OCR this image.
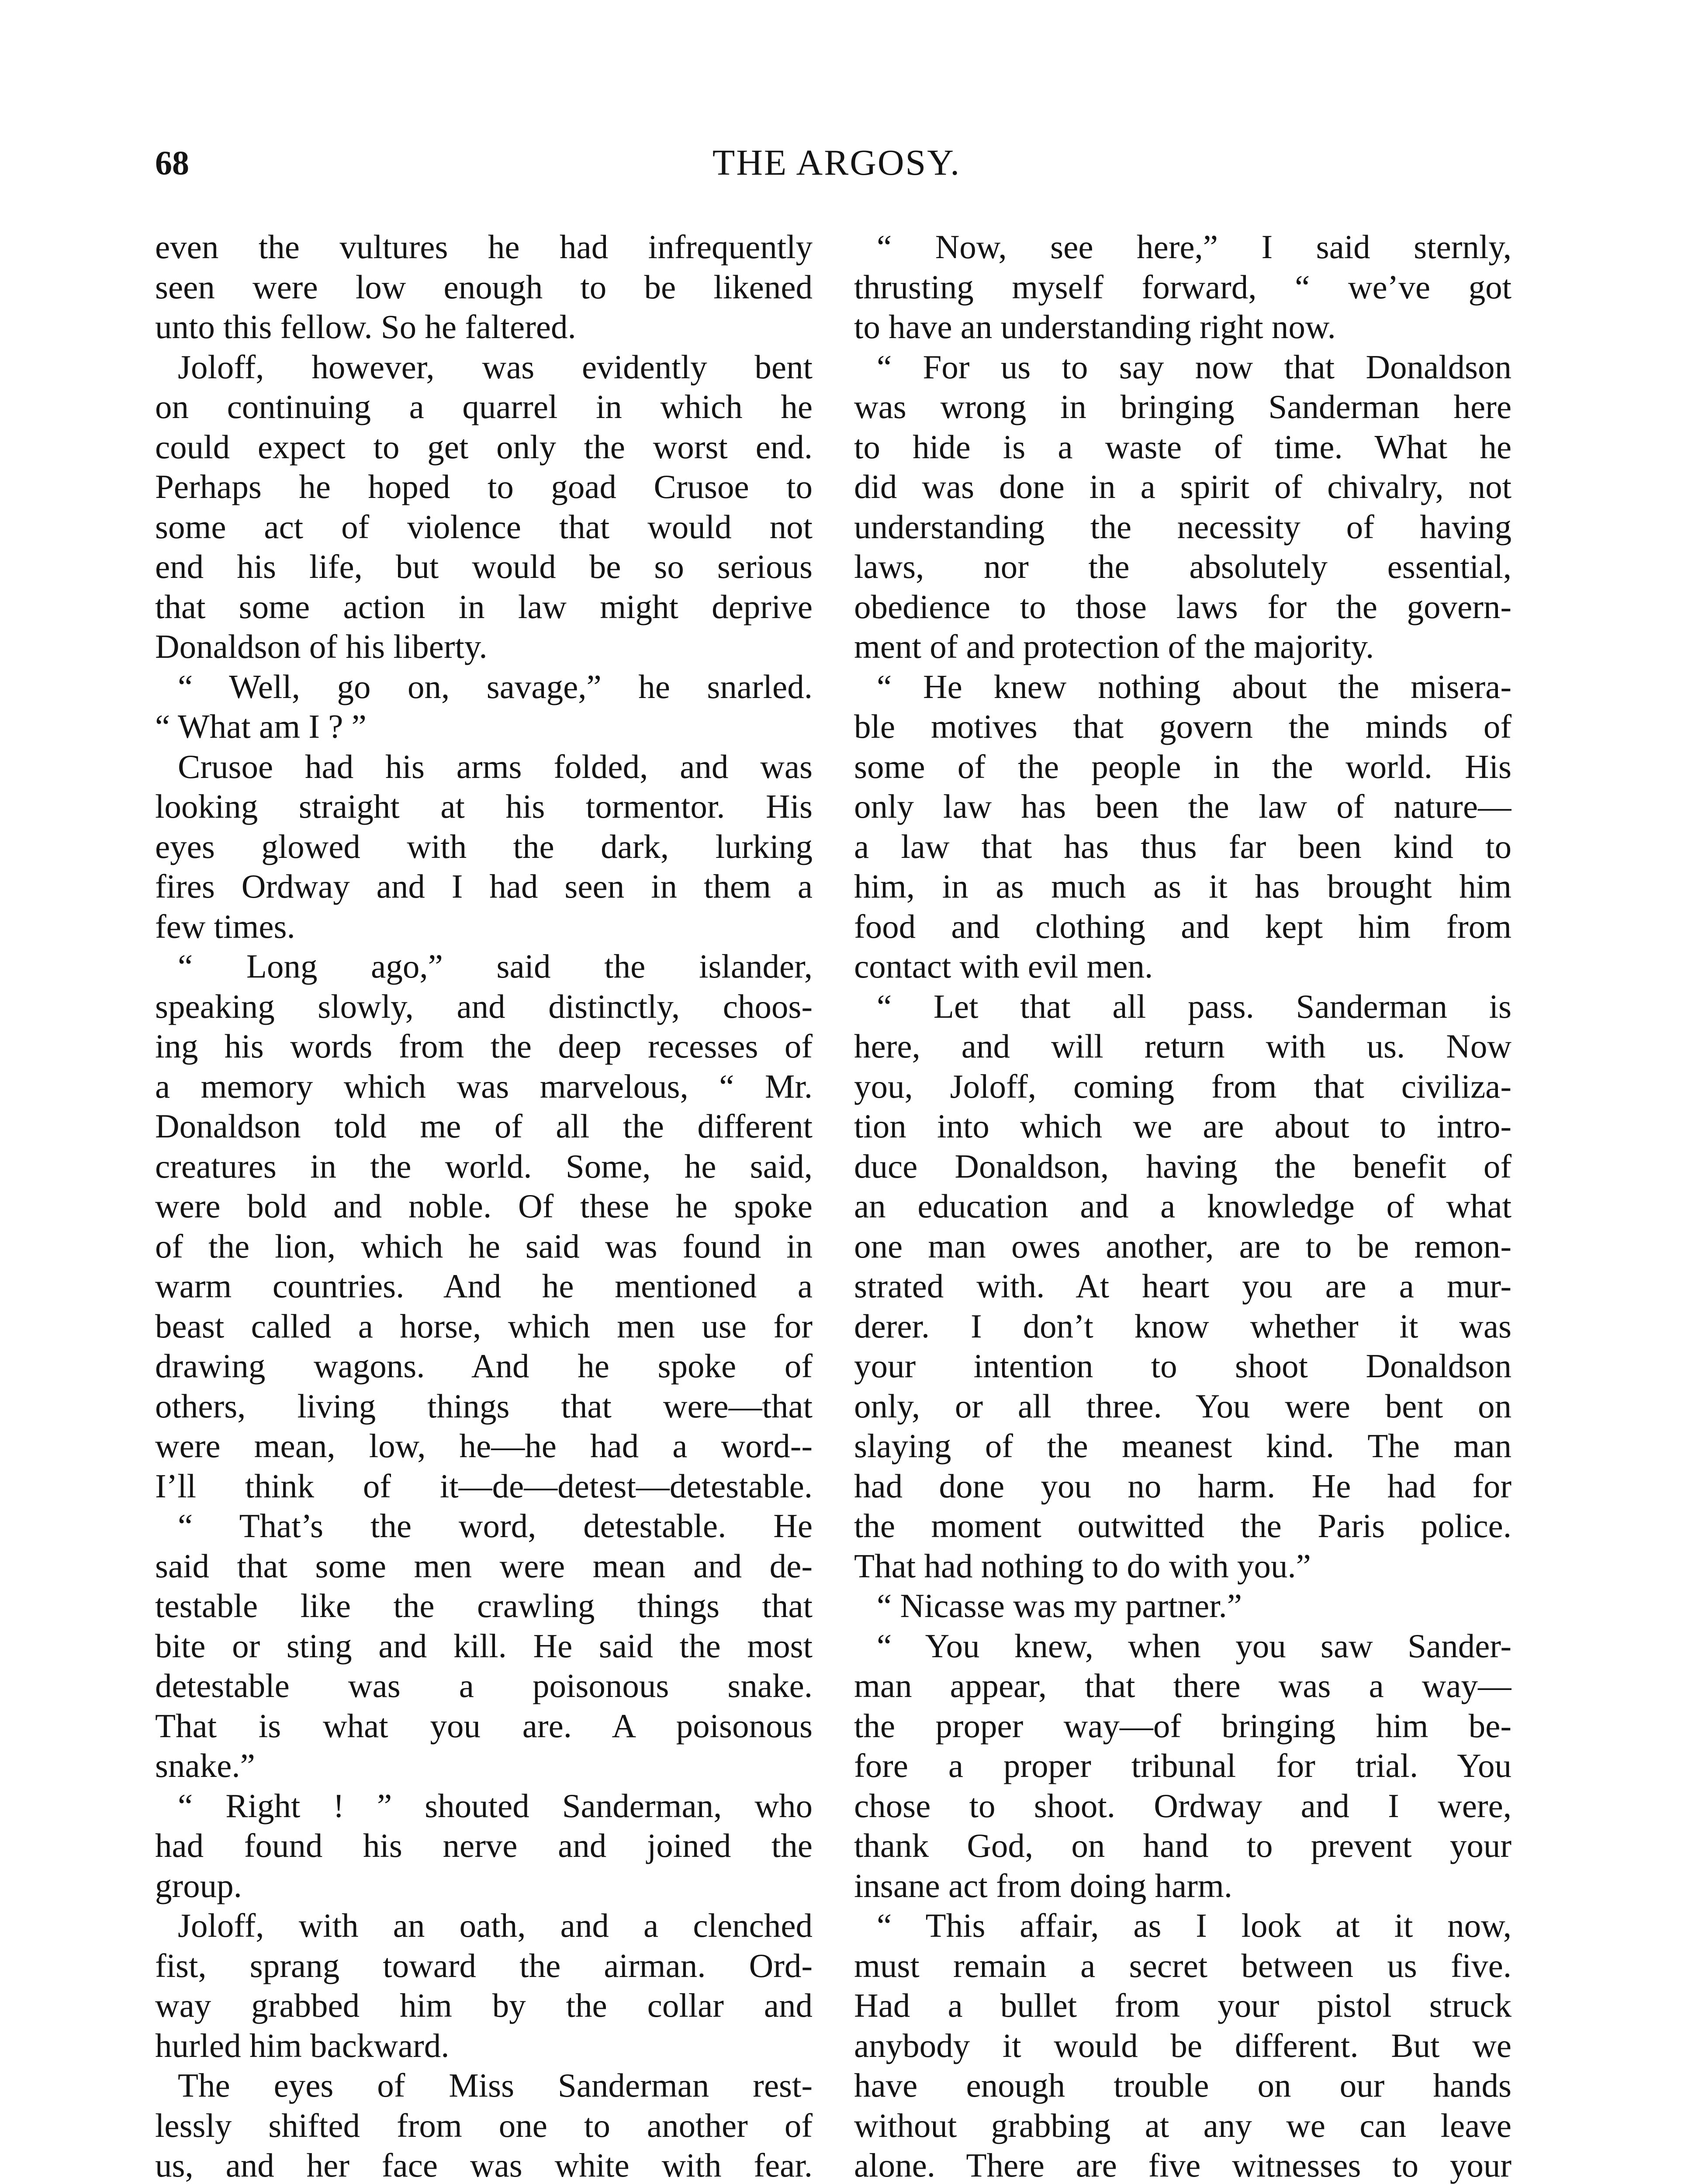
68	THE ARGOSY.
even the vultures he had infrequently
seen were low enough to be likened
unto this fellow. So he faltered.
Joloff, however, was evidently bent
on continuing a quarrel in which he
could expect to get only the worst end.
Perhaps he hoped to goad Crusoe to
some act of violence that would not
end his life, but would be so serious
that some action in law might deprive
Donaldson of his liberty.
“ Well, go on, savage,” he snarled.
“ What am I ? ”
Crusoe had his arms folded, and was
looking straight at his tormentor. His
eyes glowed with the dark, lurking
fires Ordway and I had seen in them a
few times.
“ Long ago,” said the islander,
speaking slowly, and distinctly, choos-
ing his words from the deep recesses of
a memory which was marvelous, “ Mr.
Donaldson told me of all the different
creatures in the world. Some, he said,
were bold and noble. Of these he spoke
of the lion, which he said was found in
warm countries. And he mentioned a
beast called a horse, which men use for
drawing wagons. And he spoke of
others, living things that were—that
were mean, low, he—he had a word--
I’ll think of it—de—detest—detestable.
“ That’s the word, detestable. He
said that some men were mean and de-
testable like the crawling things that
bite or sting and kill. He said the most
detestable was a poisonous snake.
That is what you are. A poisonous
snake.”
“ Right ! ” shouted Sanderman, who
had found his nerve and joined the
group.
Joloff, with an oath, and a clenched
fist, sprang toward the airman. Ord-
way grabbed him by the collar and
hurled him backward.
The eyes of Miss Sanderman rest-
lessly shifted from one to another of
us, and her face was white with fear.
“ Now, see here,” I said sternly,
thrusting myself forward, “ we’ve got
to have an understanding right now.
“ For us to say now that Donaldson
was wrong in bringing Sanderman here
to hide is a waste of time. What he
did was done in a spirit of chivalry, not
understanding the necessity of having
laws, nor the absolutely essential,
obedience to those laws for the govern-
ment of and protection of the majority.
“ He knew nothing about the misera-
ble motives that govern the minds of
some of the people in the world. His
only law has been the law of nature—
a law that has thus far been kind to
him, in as much as it has brought him
food and clothing and kept him from
contact with evil men.
“ Let that all pass. Sanderman is
here, and will return with us. Now
you, Joloff, coming from that civiliza-
tion into which we are about to intro-
duce Donaldson, having the benefit of
an education and a knowledge of what
one man owes another, are to be remon-
strated with. At heart you are a mur-
derer. I don’t know whether it was
your intention to shoot Donaldson
only, or all three. You were bent on
slaying of the meanest kind. The man
had done you no harm. He had for
the moment outwitted the Paris police.
That had nothing to do with you.”
“ Nicasse was my partner.”
“ You knew, when you saw Sander-
man appear, that there was a way—
the proper way—of bringing him be-
fore a proper tribunal for trial. You
chose to shoot. Ordway and I were,
thank God, on hand to prevent your
insane act from doing harm.
“ This affair, as I look at it now,
must remain a secret between us five.
Had a bullet from your pistol struck
anybody it would be different. But we
have enough trouble on our hands
without grabbing at any we can leave
alone. There are five witnesses to your
